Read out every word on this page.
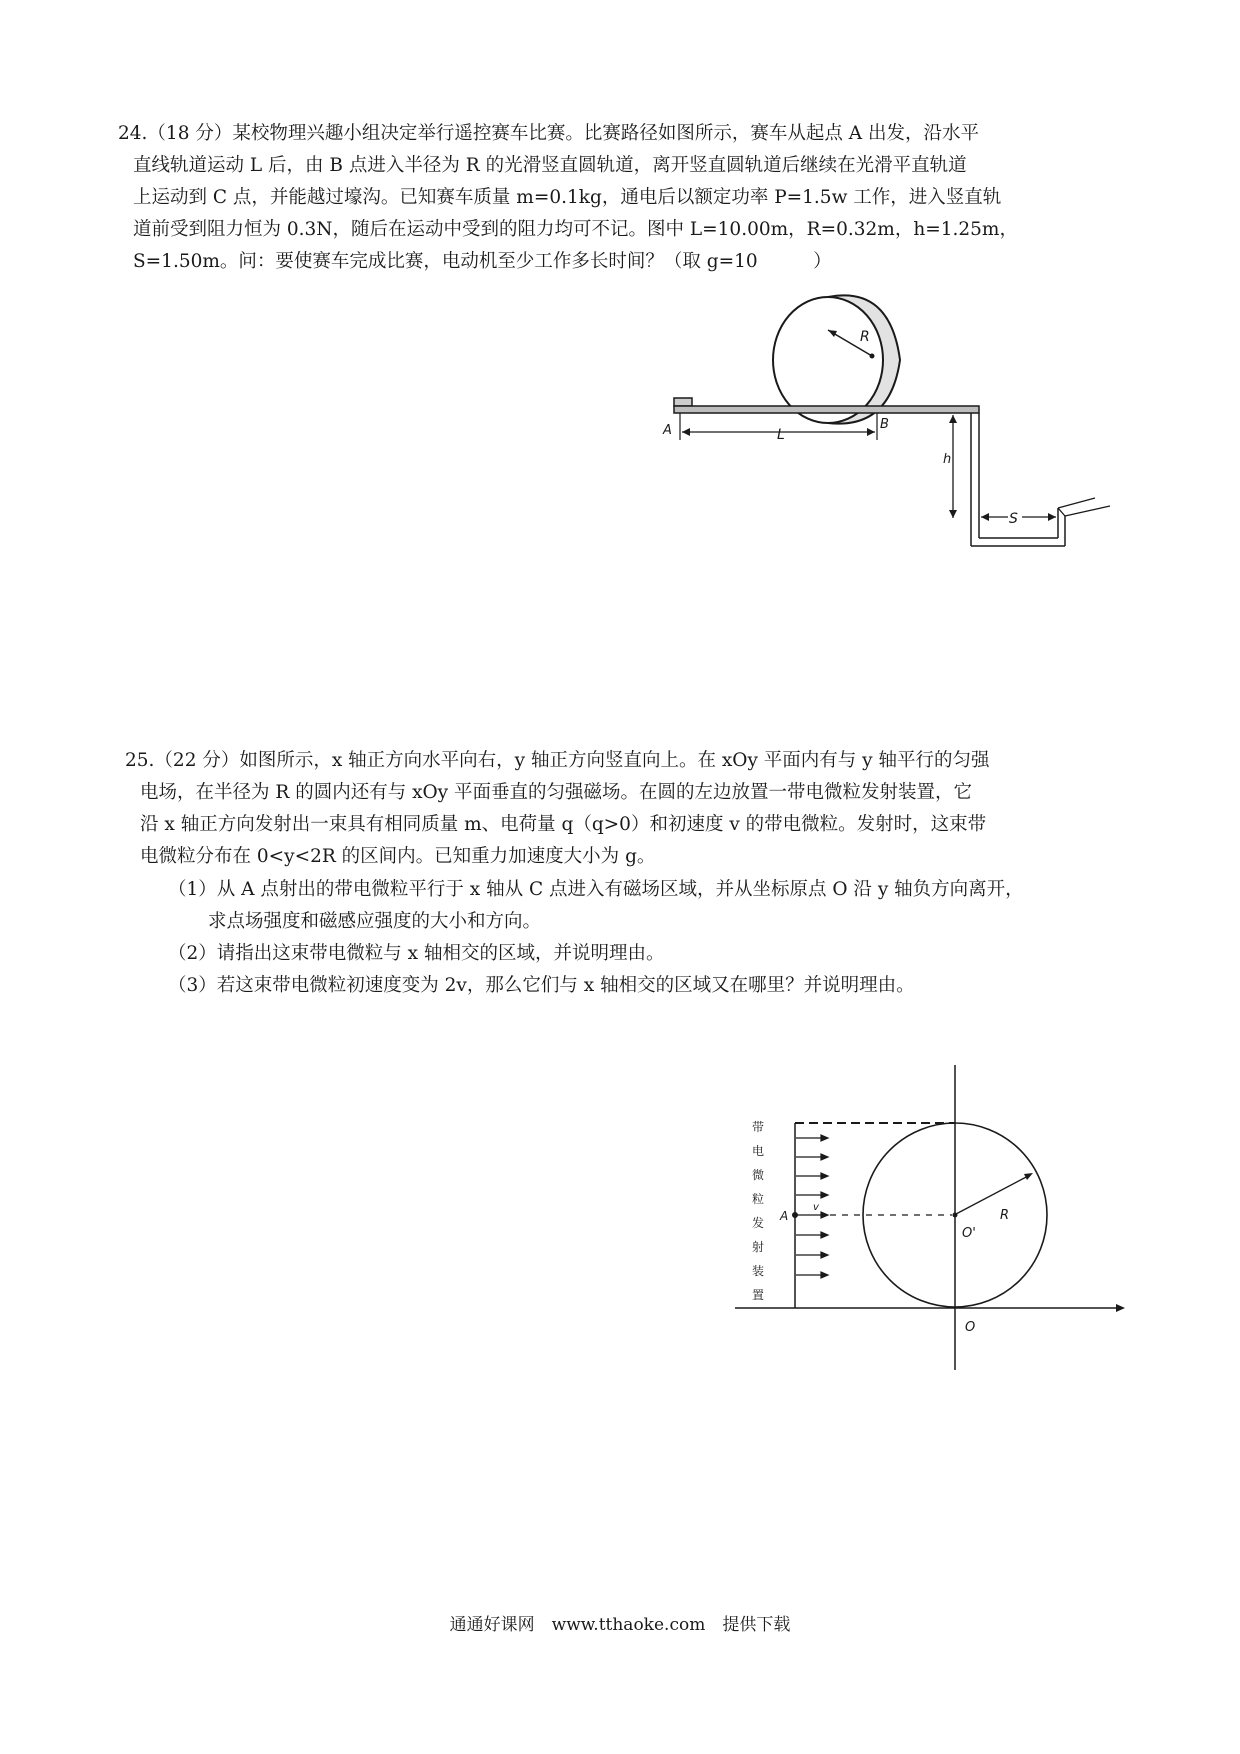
24.（18 分）某校物理兴趣小组决定举行遥控赛车比赛。比赛路径如图所示，赛车从起点 A 出发，沿水平

直线轨道运动 L 后，由 B 点进入半径为 R 的光滑竖直圆轨道，离开竖直圆轨道后继续在光滑平直轨道

上运动到 C 点，并能越过壕沟。已知赛车质量 m=0.1kg，通电后以额定功率 P=1.5w 工作，进入竖直轨

道前受到阻力恒为 0.3N，随后在运动中受到的阻力均可不记。图中 L=10.00m，R=0.32m，h=1.25m，

S=1.50m。问：要使赛车完成比赛，电动机至少工作多长时间？（取 g=10　　　）

R
A	B
L
h
S

25.（22 分）如图所示，x 轴正方向水平向右，y 轴正方向竖直向上。在 xOy 平面内有与 y 轴平行的匀强

电场，在半径为 R 的圆内还有与 xOy 平面垂直的匀强磁场。在圆的左边放置一带电微粒发射装置，它

沿 x 轴正方向发射出一束具有相同质量 m、电荷量 q（q>0）和初速度 v 的带电微粒。发射时，这束带

电微粒分布在 0<y<2R 的区间内。已知重力加速度大小为 g。

（1）从 A 点射出的带电微粒平行于 x 轴从 C 点进入有磁场区域，并从坐标原点 O 沿 y 轴负方向离开，

求点场强度和磁感应强度的大小和方向。

（2）请指出这束带电微粒与 x 轴相交的区域，并说明理由。

（3）若这束带电微粒初速度变为 2v，那么它们与 x 轴相交的区域又在哪里？并说明理由。

带
电
微
粒
发
射
装
置
A
v
R
O'
O
通通好课网　www.tthaoke.com　提供下载
